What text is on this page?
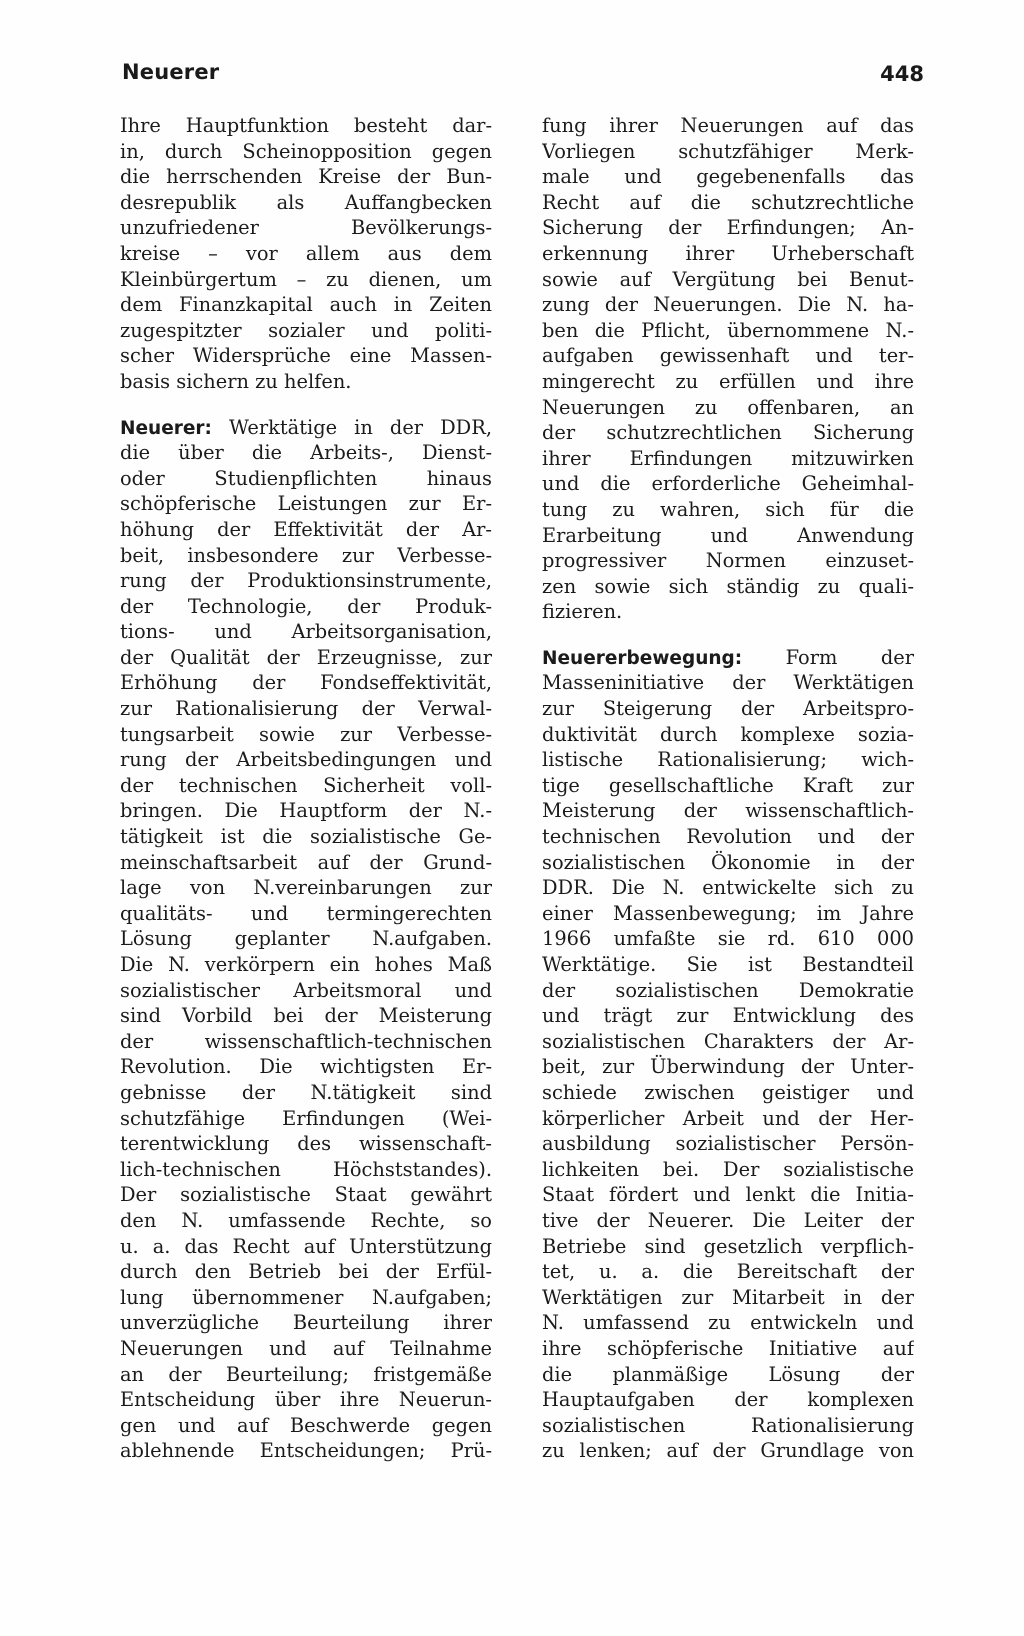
Neuerer	448
Ihre Hauptfunktion besteht dar-
in, durch Scheinopposition gegen
die herrschenden Kreise der Bun-
desrepublik als Auffangbecken
unzufriedener Bevölkerungs-
kreise – vor allem aus dem
Kleinbürgertum – zu dienen, um
dem Finanzkapital auch in Zeiten
zugespitzter sozialer und politi-
scher Widersprüche eine Massen-
basis sichern zu helfen.
Neuerer: Werktätige in der DDR,
die über die Arbeits-, Dienst-
oder Studienpflichten hinaus
schöpferische Leistungen zur Er-
höhung der Effektivität der Ar-
beit, insbesondere zur Verbesse-
rung der Produktionsinstrumente,
der Technologie, der Produk-
tions- und Arbeitsorganisation,
der Qualität der Erzeugnisse, zur
Erhöhung der Fondseffektivität,
zur Rationalisierung der Verwal-
tungsarbeit sowie zur Verbesse-
rung der Arbeitsbedingungen und
der technischen Sicherheit voll-
bringen. Die Hauptform der N.-
tätigkeit ist die sozialistische Ge-
meinschaftsarbeit auf der Grund-
lage von N.vereinbarungen zur
qualitäts- und termingerechten
Lösung geplanter N.aufgaben.
Die N. verkörpern ein hohes Maß
sozialistischer Arbeitsmoral und
sind Vorbild bei der Meisterung
der wissenschaftlich-technischen
Revolution. Die wichtigsten Er-
gebnisse der N.tätigkeit sind
schutzfähige Erfindungen (Wei-
terentwicklung des wissenschaft-
lich-technischen Höchststandes).
Der sozialistische Staat gewährt
den N. umfassende Rechte, so
u. a. das Recht auf Unterstützung
durch den Betrieb bei der Erfül-
lung übernommener N.aufgaben;
unverzügliche Beurteilung ihrer
Neuerungen und auf Teilnahme
an der Beurteilung; fristgemäße
Entscheidung über ihre Neuerun-
gen und auf Beschwerde gegen
ablehnende Entscheidungen; Prü-
fung ihrer Neuerungen auf das
Vorliegen schutzfähiger Merk-
male und gegebenenfalls das
Recht auf die schutzrechtliche
Sicherung der Erfindungen; An-
erkennung ihrer Urheberschaft
sowie auf Vergütung bei Benut-
zung der Neuerungen. Die N. ha-
ben die Pflicht, übernommene N.-
aufgaben gewissenhaft und ter-
mingerecht zu erfüllen und ihre
Neuerungen zu offenbaren, an
der schutzrechtlichen Sicherung
ihrer Erfindungen mitzuwirken
und die erforderliche Geheimhal-
tung zu wahren, sich für die
Erarbeitung und Anwendung
progressiver Normen einzuset-
zen sowie sich ständig zu quali-
fizieren.
Neuererbewegung: Form der
Masseninitiative der Werktätigen
zur Steigerung der Arbeitspro-
duktivität durch komplexe sozia-
listische Rationalisierung; wich-
tige gesellschaftliche Kraft zur
Meisterung der wissenschaftlich-
technischen Revolution und der
sozialistischen Ökonomie in der
DDR. Die N. entwickelte sich zu
einer Massenbewegung; im Jahre
1966 umfaßte sie rd. 610 000
Werktätige. Sie ist Bestandteil
der sozialistischen Demokratie
und trägt zur Entwicklung des
sozialistischen Charakters der Ar-
beit, zur Überwindung der Unter-
schiede zwischen geistiger und
körperlicher Arbeit und der Her-
ausbildung sozialistischer Persön-
lichkeiten bei. Der sozialistische
Staat fördert und lenkt die Initia-
tive der Neuerer. Die Leiter der
Betriebe sind gesetzlich verpflich-
tet, u. a. die Bereitschaft der
Werktätigen zur Mitarbeit in der
N. umfassend zu entwickeln und
ihre schöpferische Initiative auf
die planmäßige Lösung der
Hauptaufgaben der komplexen
sozialistischen Rationalisierung
zu lenken; auf der Grundlage von
